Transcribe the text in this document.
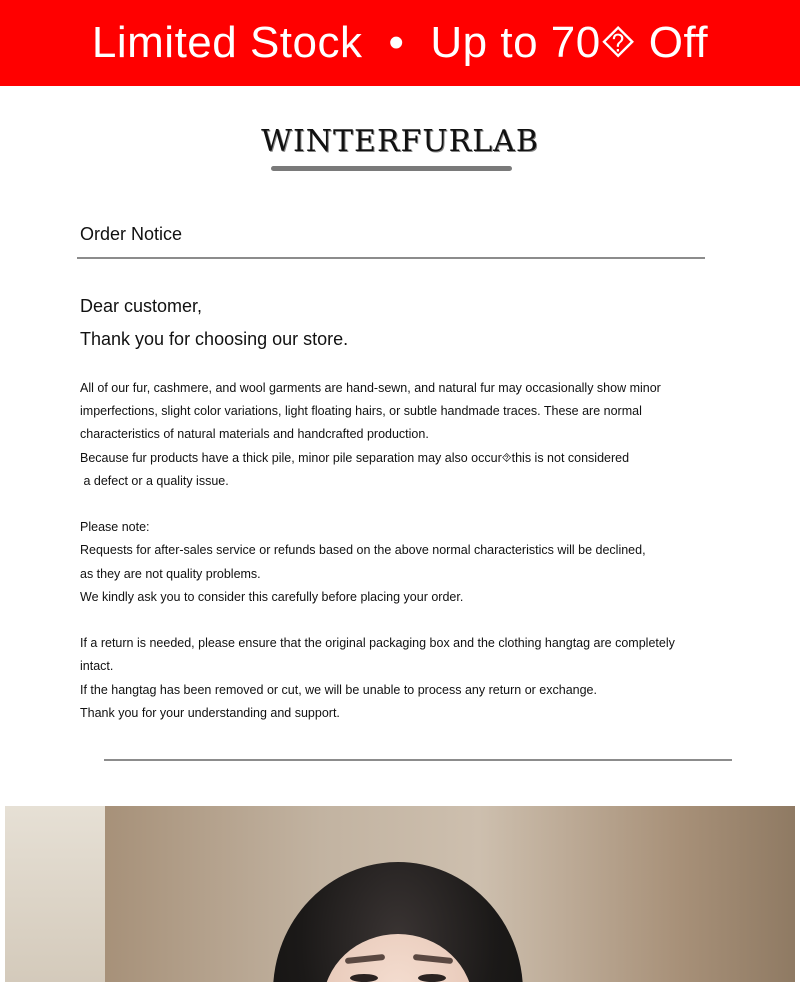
Limited Stock • Up to 70⯑ Off
WINTERFURLAB
Order Notice
Dear customer,
Thank you for choosing our store.

All of our fur, cashmere, and wool garments are hand-sewn, and natural fur may occasionally show minor

imperfections, slight color variations, light floating hairs, or subtle handmade traces. These are normal

characteristics of natural materials and handcrafted production.

Because fur products have a thick pile, minor pile separation may also occur⯑this is not considered

a defect or a quality issue.

Please note:

Requests for after-sales service or refunds based on the above normal characteristics will be declined,

as they are not quality problems.

We kindly ask you to consider this carefully before placing your order.

If a return is needed, please ensure that the original packaging box and the clothing hangtag are completely

intact.

If the hangtag has been removed or cut, we will be unable to process any return or exchange.

Thank you for your understanding and support.
